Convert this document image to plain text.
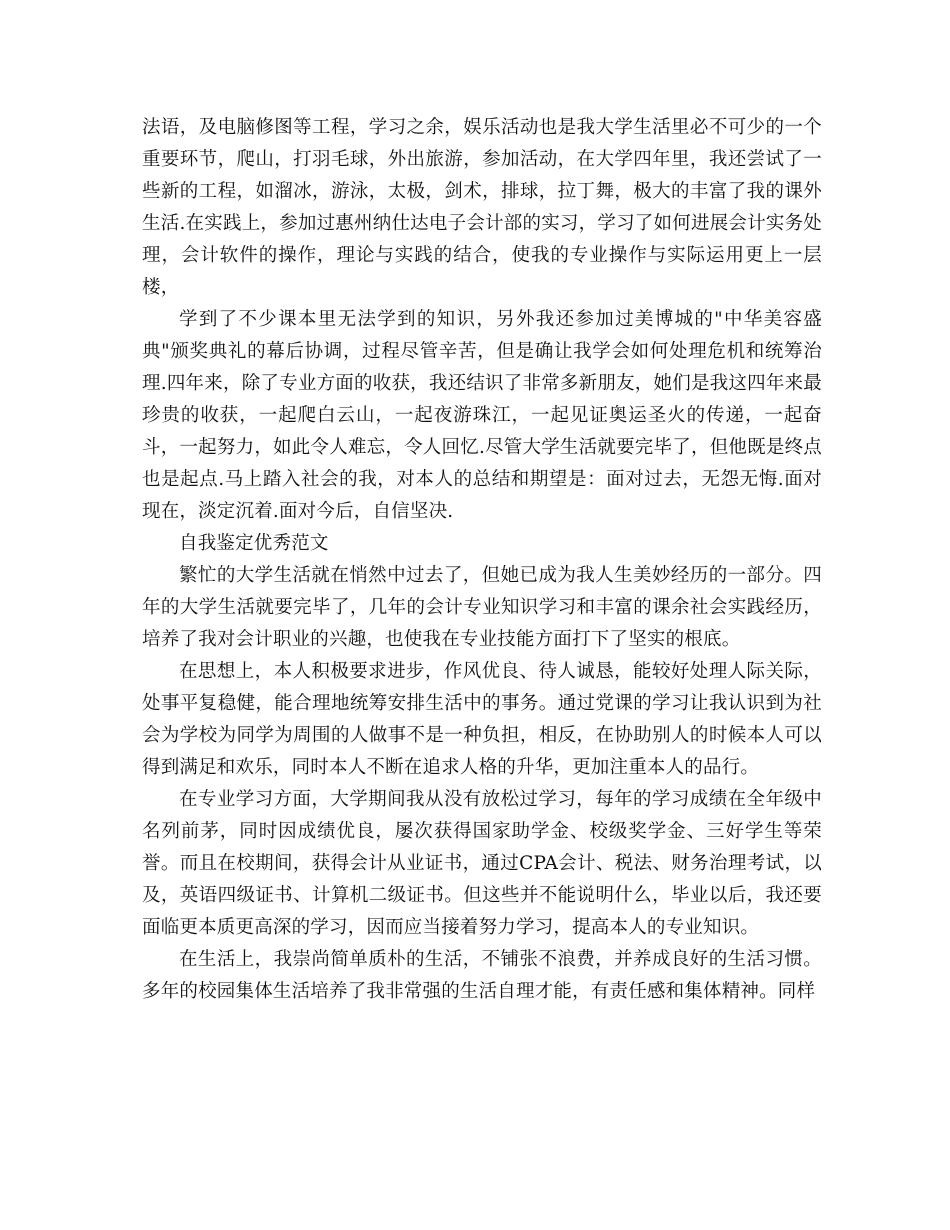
法语，及电脑修图等工程，学习之余，娱乐活动也是我大学生活里必不可少的一个重要环节，爬山，打羽毛球，外出旅游，参加活动，在大学四年里，我还尝试了一些新的工程，如溜冰，游泳，太极，剑术，排球，拉丁舞，极大的丰富了我的课外生活.在实践上，参加过惠州纳仕达电子会计部的实习，学习了如何进展会计实务处理，会计软件的操作，理论与实践的结合，使我的专业操作与实际运用更上一层楼，

学到了不少课本里无法学到的知识，另外我还参加过美博城的"中华美容盛典"颁奖典礼的幕后协调，过程尽管辛苦，但是确让我学会如何处理危机和统筹治理.四年来，除了专业方面的收获，我还结识了非常多新朋友，她们是我这四年来最珍贵的收获，一起爬白云山，一起夜游珠江，一起见证奥运圣火的传递，一起奋斗，一起努力，如此令人难忘，令人回忆.尽管大学生活就要完毕了，但他既是终点也是起点.马上踏入社会的我，对本人的总结和期望是：面对过去，无怨无悔.面对现在，淡定沉着.面对今后，自信坚决.

自我鉴定优秀范文

繁忙的大学生活就在悄然中过去了，但她已成为我人生美妙经历的一部分。四年的大学生活就要完毕了，几年的会计专业知识学习和丰富的课余社会实践经历，培养了我对会计职业的兴趣，也使我在专业技能方面打下了坚实的根底。

在思想上，本人积极要求进步，作风优良、待人诚恳，能较好处理人际关际，处事平复稳健，能合理地统筹安排生活中的事务。通过党课的学习让我认识到为社会为学校为同学为周围的人做事不是一种负担，相反，在协助别人的时候本人可以得到满足和欢乐，同时本人不断在追求人格的升华，更加注重本人的品行。

在专业学习方面，大学期间我从没有放松过学习，每年的学习成绩在全年级中名列前茅，同时因成绩优良，屡次获得国家助学金、校级奖学金、三好学生等荣誉。而且在校期间，获得会计从业证书，通过CPA会计、税法、财务治理考试，以及，英语四级证书、计算机二级证书。但这些并不能说明什么，毕业以后，我还要面临更本质更高深的学习，因而应当接着努力学习，提高本人的专业知识。

在生活上，我崇尚简单质朴的生活，不铺张不浪费，并养成良好的生活习惯。多年的校园集体生活培养了我非常强的生活自理才能，有责任感和集体精神。同样
